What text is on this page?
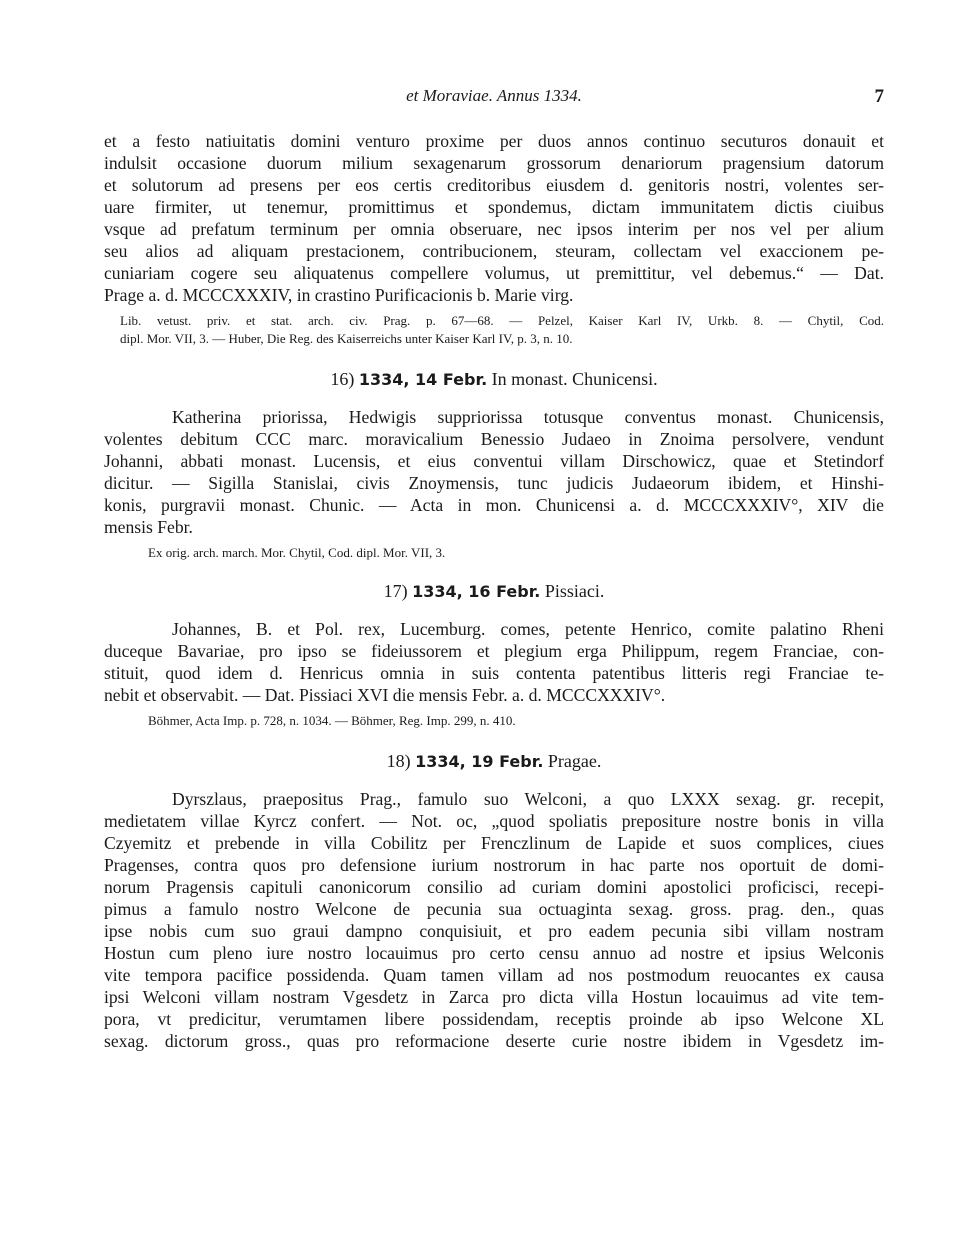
et Moraviae. Annus 1334.	7
et a festo natiuitatis domini venturo proxime per duos annos continuo secuturos donauit et
indulsit occasione duorum milium sexagenarum grossorum denariorum pragensium datorum
et solutorum ad presens per eos certis creditoribus eiusdem d. genitoris nostri, volentes ser-
uare firmiter, ut tenemur, promittimus et spondemus, dictam immunitatem dictis ciuibus
vsque ad prefatum terminum per omnia obseruare, nec ipsos interim per nos vel per alium
seu alios ad aliquam prestacionem, contribucionem, steuram, collectam vel exaccionem pe-
cuniariam cogere seu aliquatenus compellere volumus, ut premittitur, vel debemus.“ — Dat.
Prage a. d. MCCCXXXIV, in crastino Purificacionis b. Marie virg.
Lib. vetust. priv. et stat. arch. civ. Prag. p. 67—68. — Pelzel, Kaiser Karl IV, Urkb. 8. — Chytil, Cod.
dipl. Mor. VII, 3. — Huber, Die Reg. des Kaiserreichs unter Kaiser Karl IV, p. 3, n. 10.
16) 1334, 14 Febr. In monast. Chunicensi.
Katherina priorissa, Hedwigis suppriorissa totusque conventus monast. Chunicensis,
volentes debitum CCC marc. moravicalium Benessio Judaeo in Znoima persolvere, vendunt
Johanni, abbati monast. Lucensis, et eius conventui villam Dirschowicz, quae et Stetindorf
dicitur. — Sigilla Stanislai, civis Znoymensis, tunc judicis Judaeorum ibidem, et Hinshi-
konis, purgravii monast. Chunic. — Acta in mon. Chunicensi a. d. MCCCXXXIV°, XIV die
mensis Febr.
Ex orig. arch. march. Mor. Chytil, Cod. dipl. Mor. VII, 3.
17) 1334, 16 Febr. Pissiaci.
Johannes, B. et Pol. rex, Lucemburg. comes, petente Henrico, comite palatino Rheni
duceque Bavariae, pro ipso se fideiussorem et plegium erga Philippum, regem Franciae, con-
stituit, quod idem d. Henricus omnia in suis contenta patentibus litteris regi Franciae te-
nebit et observabit. — Dat. Pissiaci XVI die mensis Febr. a. d. MCCCXXXIV°.
Böhmer, Acta Imp. p. 728, n. 1034. — Böhmer, Reg. Imp. 299, n. 410.
18) 1334, 19 Febr. Pragae.
Dyrszlaus, praepositus Prag., famulo suo Welconi, a quo LXXX sexag. gr. recepit,
medietatem villae Kyrcz confert. — Not. oc, „quod spoliatis prepositure nostre bonis in villa
Czyemitz et prebende in villa Cobilitz per Frenczlinum de Lapide et suos complices, ciues
Pragenses, contra quos pro defensione iurium nostrorum in hac parte nos oportuit de domi-
norum Pragensis capituli canonicorum consilio ad curiam domini apostolici proficisci, recepi-
pimus a famulo nostro Welcone de pecunia sua octuaginta sexag. gross. prag. den., quas
ipse nobis cum suo graui dampno conquisiuit, et pro eadem pecunia sibi villam nostram
Hostun cum pleno iure nostro locauimus pro certo censu annuo ad nostre et ipsius Welconis
vite tempora pacifice possidenda. Quam tamen villam ad nos postmodum reuocantes ex causa
ipsi Welconi villam nostram Vgesdetz in Zarca pro dicta villa Hostun locauimus ad vite tem-
pora, vt predicitur, verumtamen libere possidendam, receptis proinde ab ipso Welcone XL
sexag. dictorum gross., quas pro reformacione deserte curie nostre ibidem in Vgesdetz im-
